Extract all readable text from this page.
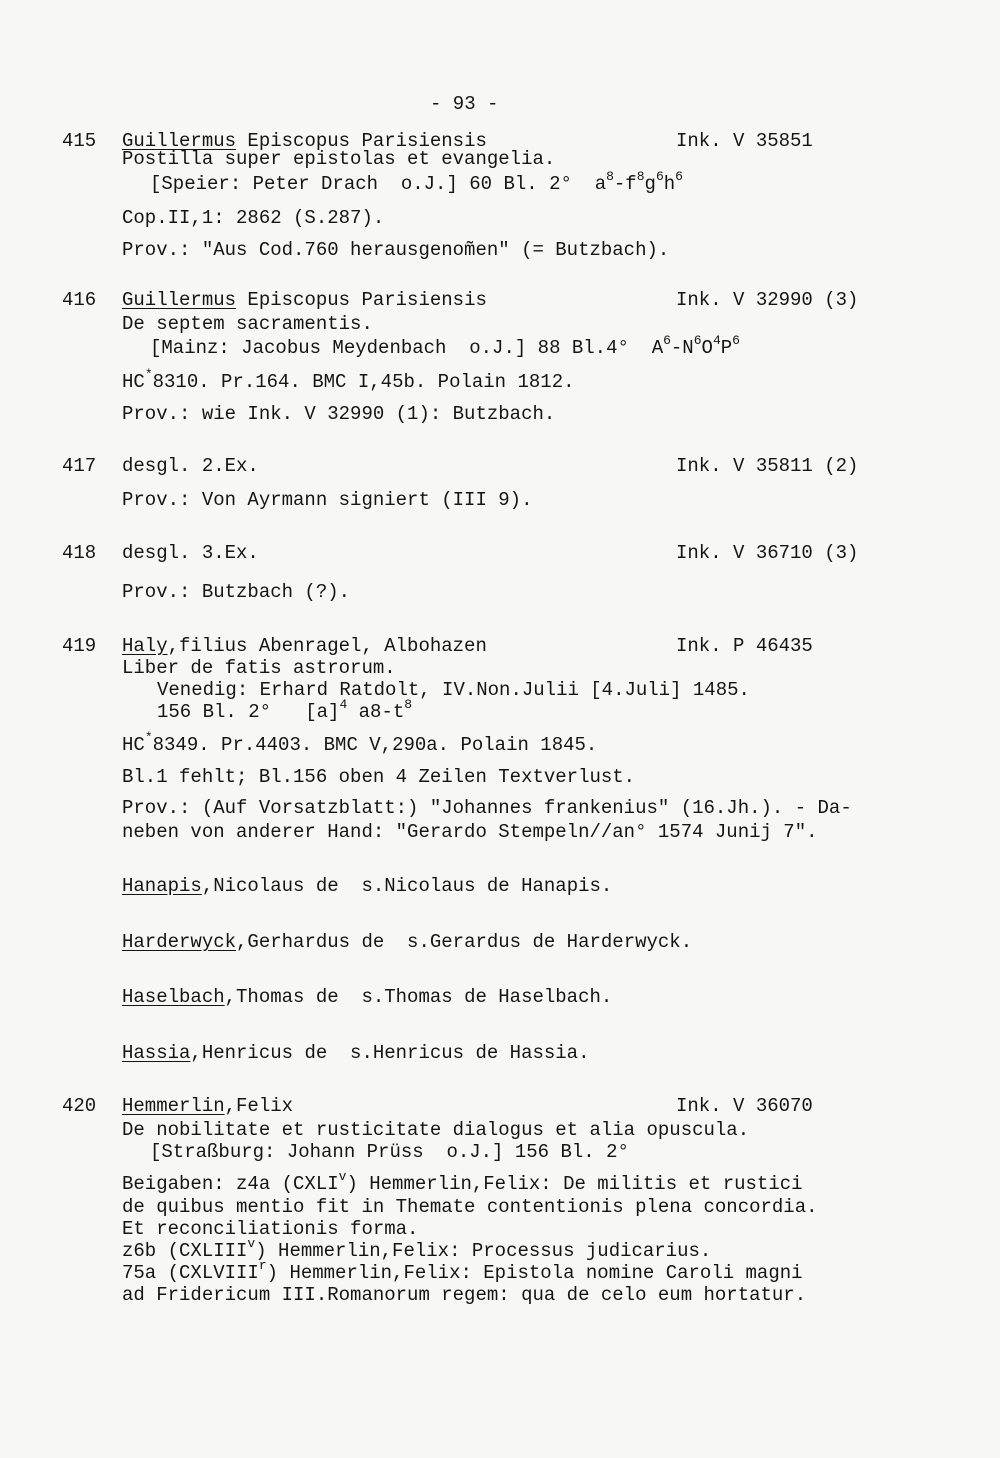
- 93 -
415 Guillermus Episcopus Parisiensis	Ink. V 35851
Postilla super epistolas et evangelia.
[Speier: Peter Drach  o.J.] 60 Bl. 2°  $a^8-f^8g^6h^6$
Cop.II,1: 2862 (S.287).
Prov.: "Aus Cod.760 herausgenom̃en" (= Butzbach).
416 Guillermus Episcopus Parisiensis	Ink. V 32990 (3)
De septem sacramentis.
[Mainz: Jacobus Meydenbach  o.J.] 88 Bl.4°  $A^6-N^6O^4P^6$
HC*8310. Pr.164. BMC I,45b. Polain 1812.
Prov.: wie Ink. V 32990 (1): Butzbach.
417 desgl. 2.Ex.	Ink. V 35811 (2)
Prov.: Von Ayrmann signiert (III 9).
418 desgl. 3.Ex.	Ink. V 36710 (3)
Prov.: Butzbach (?).
419 Haly,filius Abenragel, Albohazen	Ink. P 46435
Liber de fatis astrorum.
Venedig: Erhard Ratdolt, IV.Non.Julii [4.Juli] 1485.
156 Bl. 2°   $[a]^4$ $a8-t^8$
HC*8349. Pr.4403. BMC V,290a. Polain 1845.
Bl.1 fehlt; Bl.156 oben 4 Zeilen Textverlust.
Prov.: (Auf Vorsatzblatt:) "Johannes frankenius" (16.Jh.). - Da-
neben von anderer Hand: "Gerardo Stempeln//an° 1574 Junij 7".
Hanapis,Nicolaus de  s.Nicolaus de Hanapis.
Harderwyck,Gerhardus de  s.Gerardus de Harderwyck.
Haselbach,Thomas de  s.Thomas de Haselbach.
Hassia,Henricus de  s.Henricus de Hassia.
420 Hemmerlin,Felix	Ink. V 36070
De nobilitate et rusticitate dialogus et alia opuscula.
[Straßburg: Johann Prüss  o.J.] 156 Bl. 2°
Beigaben: z4a (CXLI$^v$) Hemmerlin,Felix: De militis et rustici
de quibus mentio fit in Themate contentionis plena concordia.
Et reconciliationis forma.
z6b (CXLIII$^v$) Hemmerlin,Felix: Processus judicarius.
75a (CXLVIII$^r$) Hemmerlin,Felix: Epistola nomine Caroli magni
ad Fridericum III.Romanorum regem: qua de celo eum hortatur.
